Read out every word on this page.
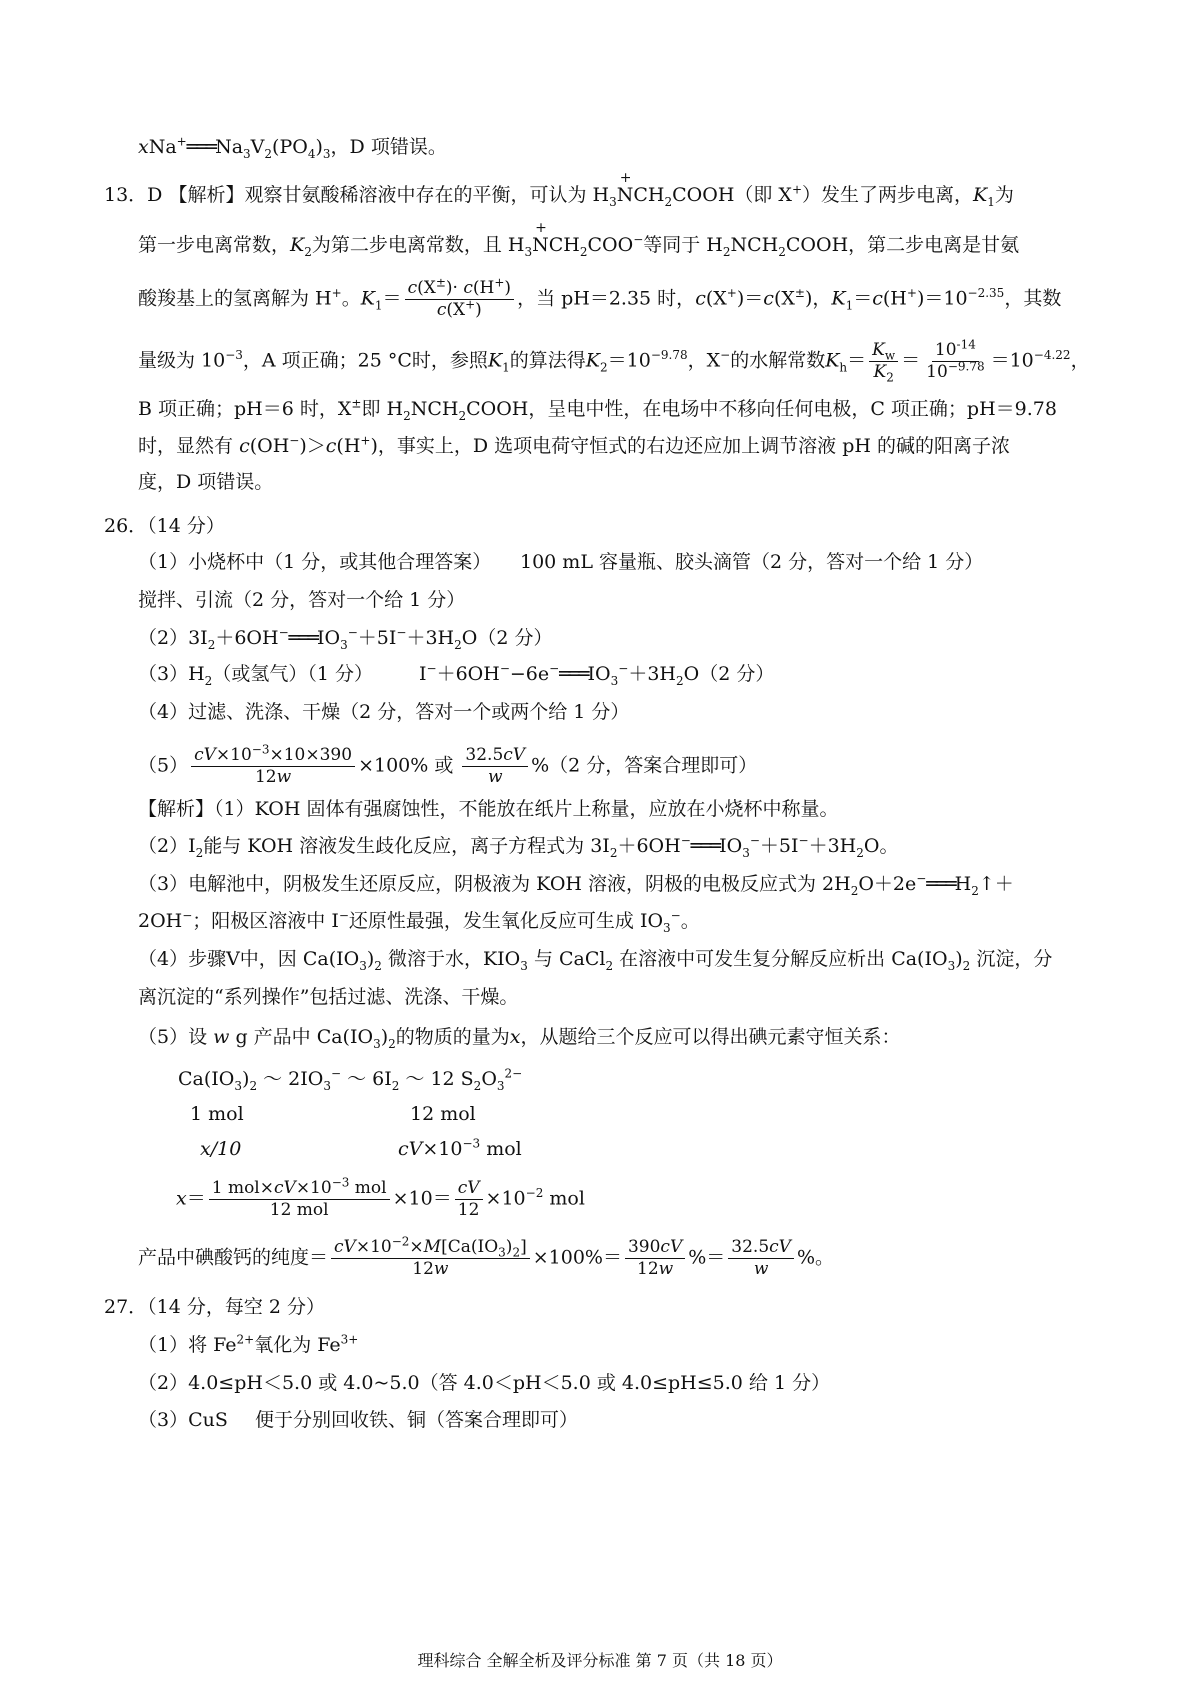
$xNa^+═══Na_3V_2(PO_4)_3$，D 项错误。
13．D 【解析】观察甘氨酸稀溶液中存在的平衡，可认为 $H_3$
+
$NCH_2COOH$（即 X+）发生了两步电离，$K_1$为
第一步电离常数，$K_2$为第二步电离常数，且 $H_3$
+
$NCH_2COO^-$等同于 $H_2NCH_2COOH$，第二步电离是甘氨
酸羧基上的氢离解为 H+。$K_1= \frac{c(X^\pm)\cdot c(H^+)}{c(X^+)}$ ，当 pH＝2.35 时，c(X+)＝c(X±)，$K_1=c(H^+)=10^{-2.35}$，其数
量级为 $10^{-3}$，A 项正确；25 °C时，参照$K_1$的算法得$K_2=10^{-9.78}$，X−的水解常数$K_h= \frac{K_w}{K_2} = \frac{10^{-14}}{10^{-9.78}} =10^{-4.22}$，
B 项正确；pH＝6 时，X±即 $H_2NCH_2COOH$，呈电中性，在电场中不移向任何电极，C 项正确；pH＝9.78
时，显然有 c(OH−)＞c(H+)，事实上，D 选项电荷守恒式的右边还应加上调节溶液 pH 的碱的阳离子浓
度，D 项错误。
26．（14 分）
（1）小烧杯中（1 分，或其他合理答案） 100 mL 容量瓶、胶头滴管（2 分，答对一个给 1 分）
搅拌、引流（2 分，答对一个给 1 分）
$(2)3I_2+6OH^-═══IO_3^-+5I^-+3H_2O(2$ 分）
$(3)H_2$（或氢气）（1 分） $I^-+6OH^--6e^-═══IO_3^-+3H_2O(2$ 分）
（4）过滤、洗涤、干燥（2 分，答对一个或两个给 1 分）
$(5) \frac{cV\times 10^{-3}\times 10\times 390}{12w} \times 100\%$ 或 $\frac{32.5cV}{w} \%(2$ 分，答案合理即可）
【解析】（1）KOH 固体有强腐蚀性，不能放在纸片上称量，应放在小烧杯中称量。
$(2)I_2$能与 KOH 溶液发生歧化反应，离子方程式为 $3I_2+6OH^-═══IO_3^-+5I^-+3H_2O$。
（3）电解池中，阴极发生还原反应，阴极液为 KOH 溶液，阴极的电极反应式为 $2H_2O+2e^-═══H_2↑+$
2OH−；阳极区溶液中 I−还原性最强，发生氧化反应可生成 $IO_3^-$。
（4）步骤Ⅴ中，因 $Ca(IO_3)_2$ 微溶于水，$KIO_3$ 与 CaCl$_2$ 在溶液中可发生复分解反应析出 $Ca(IO_3)_2$ 沉淀，分
离沉淀的“系列操作”包括过滤、洗涤、干燥。
（5）设 w g 产品中 $Ca(IO_3)_2$的物质的量为x，从题给三个反应可以得出碘元素守恒关系：
$Ca(IO_3)_2$ ～ $2IO_3^-$ ～ $6I_2$ ～ 12 $S_2O_3^{2-}$
1 mol	12 mol
x/10	$cV\times 10^{-3}$ mol
$x= \frac{1 mol\times cV\times 10^{-3} mol}{\text{12 mol}} \times 10= \frac{cV}{12} \times 10^{-2}$ mol
产品中碘酸钙的纯度＝ $\frac{cV\times 10^{-2}\times M[Ca(IO_3)_2]}{12w} \times 100\%= \frac{390cV}{12w}$ %＝ $\frac{32.5cV}{w}$ %。
27．（14 分，每空 2 分）
（1）将 $Fe^{2+}$氧化为 $Fe^{3+}$
（2）4.0≤pH＜5.0 或 4.0~5.0（答 4.0＜pH＜5.0 或 4.0≤pH≤5.0 给 1 分）
（3）CuS 便于分别回收铁、铜（答案合理即可）
理科综合 全解全析及评分标准 第 7 页（共 18 页）
